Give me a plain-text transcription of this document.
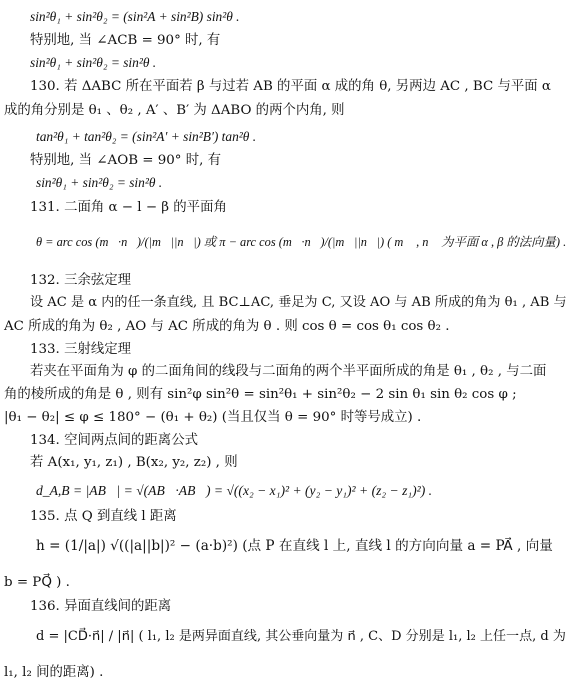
sin²θ₁ + sin²θ₂ = (sin²A + sin²B) sin²θ .
特别地, 当 ∠ACB = 90° 时, 有
sin²θ₁ + sin²θ₂ = sin²θ .
130. 若 ΔABC 所在平面若 β 与过若 AB 的平面 α 成的角 θ, 另两边 AC , BC 与平面 α
成的角分别是 θ₁ 、θ₂ , A′ 、B′ 为 ΔABO 的两个内角, 则
tan²θ₁ + tan²θ₂ = (sin²A′ + sin²B′) tan²θ .
特别地, 当 ∠AOB = 90° 时, 有
sin²θ₁ + sin²θ₂ = sin²θ .
131. 二面角 α − l − β 的平面角
θ = arc cos (m⃗·n⃗)/(|m⃗||n⃗|) 或 π − arc cos (m⃗·n⃗)/(|m⃗||n⃗|) ( m⃗ , n⃗ 为平面 α , β 的法向量) .
132. 三余弦定理
设 AC 是 α 内的任一条直线, 且 BC⊥AC, 垂足为 C, 又设 AO 与 AB 所成的角为 θ₁ , AB 与
AC 所成的角为 θ₂ , AO 与 AC 所成的角为 θ . 则 cos θ = cos θ₁ cos θ₂ .
133. 三射线定理
若夹在平面角为 φ 的二面角间的线段与二面角的两个半平面所成的角是 θ₁ , θ₂ , 与二面
角的棱所成的角是 θ , 则有 sin²φ sin²θ = sin²θ₁ + sin²θ₂ − 2 sin θ₁ sin θ₂ cos φ ;
|θ₁ − θ₂| ≤ φ ≤ 180° − (θ₁ + θ₂) (当且仅当 θ = 90° 时等号成立) .
134. 空间两点间的距离公式
若 A(x₁, y₁, z₁) , B(x₂, y₂, z₂) , 则
d_A,B = |AB⃗| = √(AB⃗·AB⃗) = √((x₂ − x₁)² + (y₂ − y₁)² + (z₂ − z₁)²) .
135. 点 Q 到直线 l 距离
h = (1/|a|) √((|a||b|)² − (a·b)²) (点 P 在直线 l 上, 直线 l 的方向向量 a = PA⃗ , 向量
b = PQ⃗ ) .
136. 异面直线间的距离
d = |CD⃗·n⃗| / |n⃗| ( l₁, l₂ 是两异面直线, 其公垂向量为 n⃗ , C、D 分别是 l₁, l₂ 上任一点, d 为
l₁, l₂ 间的距离) .
